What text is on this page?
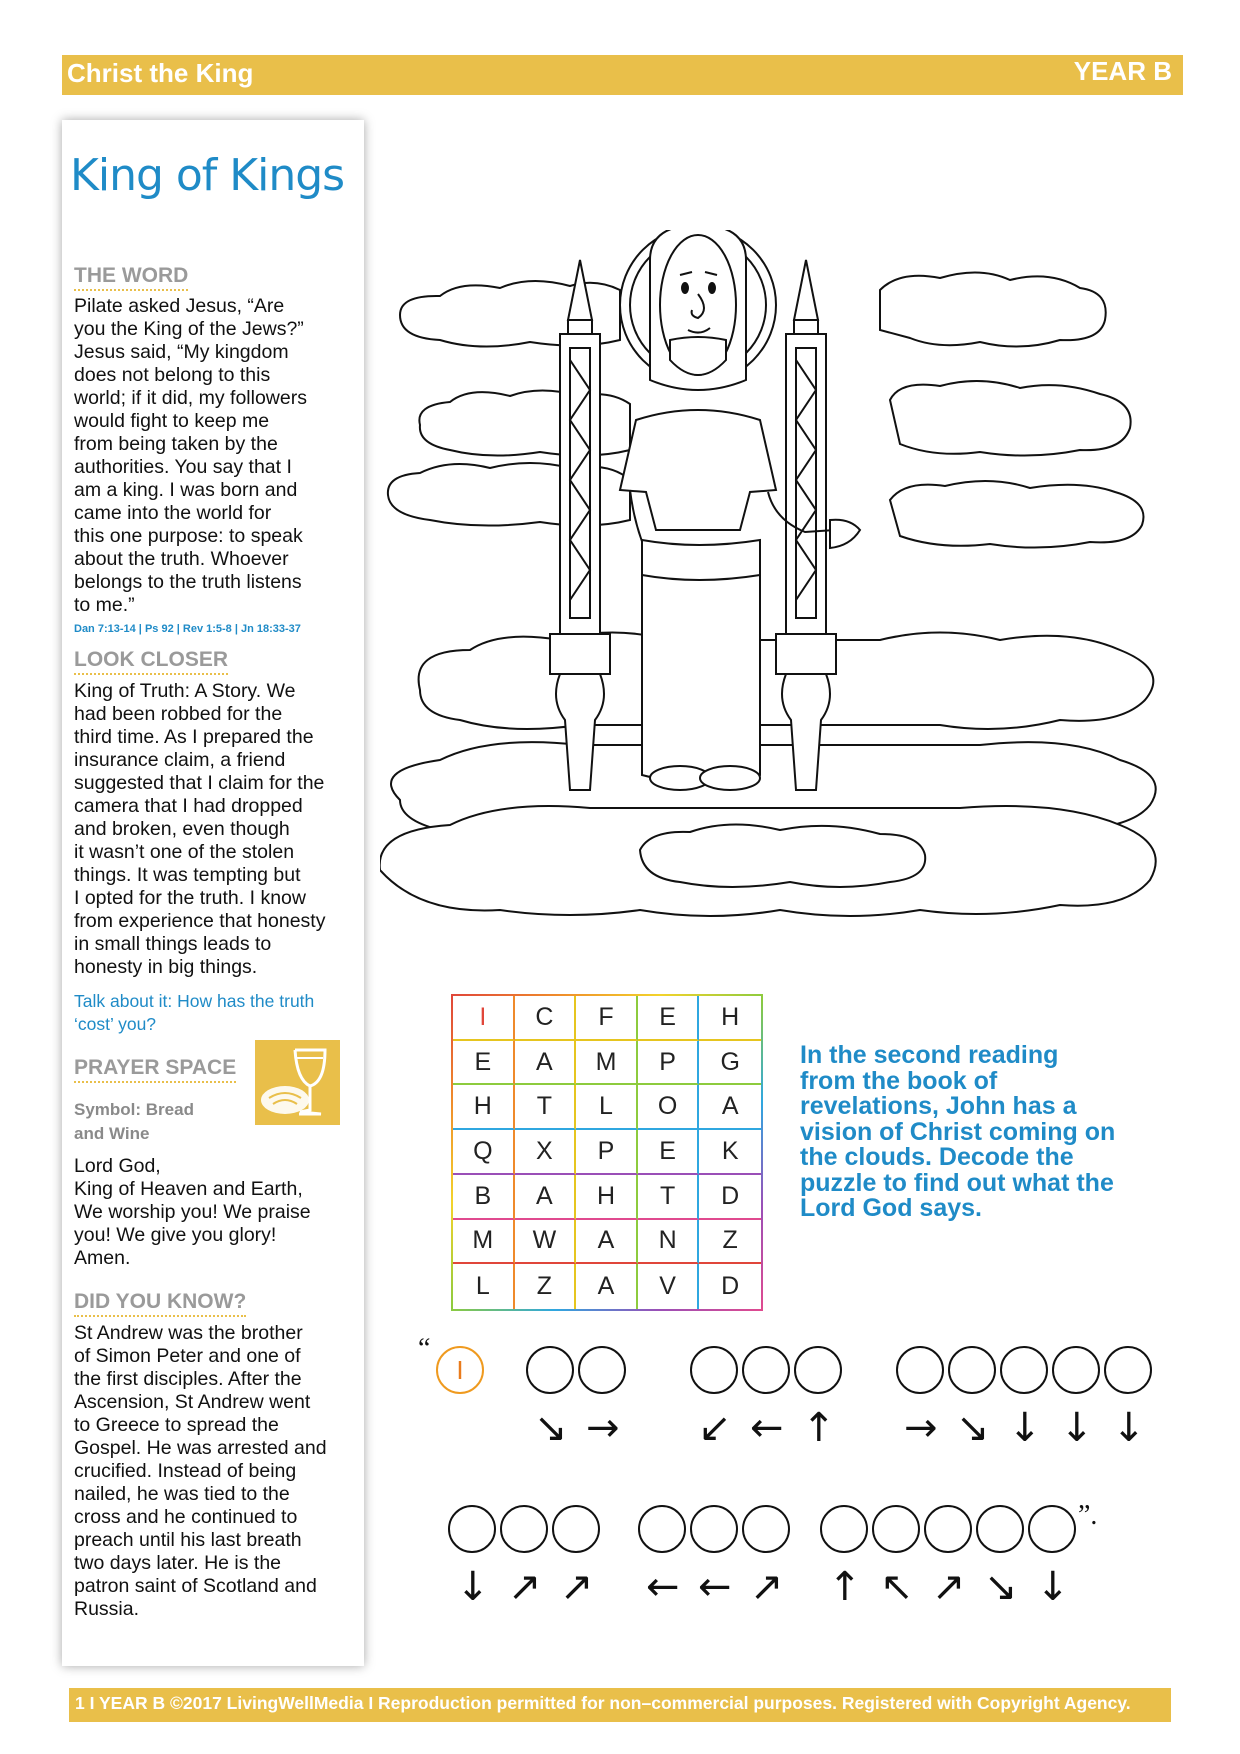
Christ the King	YEAR B
King of Kings
THE WORD
Pilate asked Jesus, “Are
you the King of the Jews?”
Jesus said, “My kingdom
does not belong to this
world; if it did, my followers
would fight to keep me
from being taken by the
authorities. You say that I
am a king. I was born and
came into the world for
this one purpose: to speak
about the truth. Whoever
belongs to the truth listens
to me.”
Dan 7:13-14 | Ps 92 | Rev 1:5-8 | Jn 18:33-37
LOOK CLOSER
King of Truth: A Story. We
had been robbed for the
third time. As I prepared the
insurance claim, a friend
suggested that I claim for the
camera that I had dropped
and broken, even though
it wasn’t one of the stolen
things. It was tempting but
I opted for the truth. I know
from experience that honesty
in small things leads to
honesty in big things.
Talk about it: How has the truth
‘cost’ you?
PRAYER SPACE
Symbol: Bread
and Wine
Lord God,
King of Heaven and Earth,
We worship you! We praise
you! We give you glory!
Amen.
DID YOU KNOW?
St Andrew was the brother
of Simon Peter and one of
the first disciples. After the
Ascension, St Andrew went
to Greece to spread the
Gospel. He was arrested and
crucified. Instead of being
nailed, he was tied to the
cross and he continued to
preach until his last breath
two days later. He is the
patron saint of Scotland and
Russia.
I	C	F	E	H
E	A	M	P	G
H	T	L	O	A
Q	X	P	E	K
B	A	H	T	D
M	W	A	N	Z
L	Z	A	V	D
In the second reading from the book of revelations, John has a vision of Christ coming on the clouds. Decode the puzzle to find out what the Lord God says.
I
↘ → ↙ ← ↑ → ↘ ↓ ↓ ↓
↓ ↗ ↗ ← ← ↗ ↑ ↖ ↗ ↘ ↓
“
”.
1 I YEAR B ©2017 LivingWellMedia I Reproduction permitted for non–commercial purposes. Registered with Copyright Agency.
